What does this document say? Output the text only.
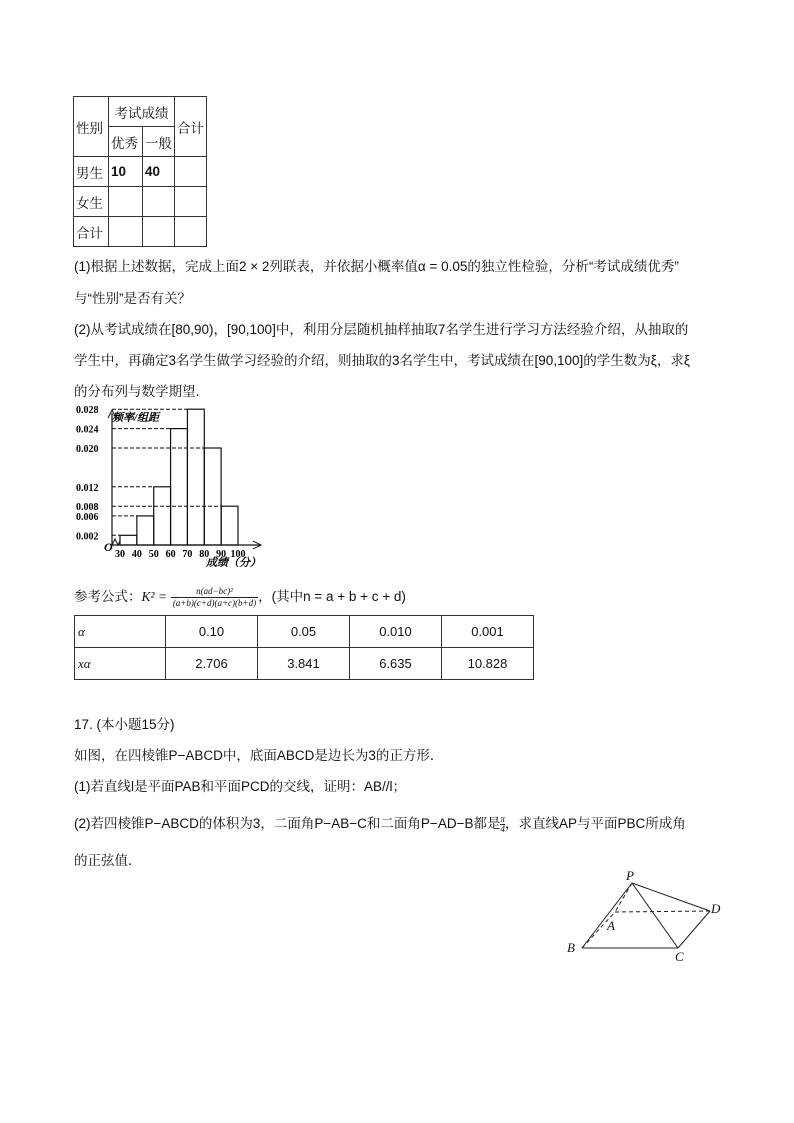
性别	考试成绩		合计
	优秀	一般	
男生	10	40	
女生			
合计			
(1)根据上述数据，完成上面2 × 2列联表，并依据小概率值α = 0.05的独立性检验，分析“考试成绩优秀”
与“性别”是否有关？
(2)从考试成绩在[80,90)，[90,100]中，利用分层随机抽样抽取7名学生进行学习方法经验介绍，从抽取的
学生中，再确定3名学生做学习经验的介绍，则抽取的3名学生中，考试成绩在[90,100]的学生数为ξ，求ξ
的分布列与数学期望．
频率/组距
成绩（分）
O
0.002
0.006
0.008
0.012
0.020
0.024
0.028
30 40 50 60 70 80 90 100
参考公式：$K^2 = \frac{\text{n(ad−bc)²}}{(a+b)(c+d)(a+c)(b+d)}$ ，(其中n = a + b + c + d)
α	0.10	0.05	0.010	0.001
xα	2.706	3.841	6.635	10.828
17. (本小题15分)
如图，在四棱锥P−ABCD中，底面ABCD是边长为3的正方形．
(1)若直线l是平面PAB和平面PCD的交线，证明：AB//l；
(2)若四棱锥P−ABCD的体积为3，二面角P−AB−C和二面角P−AD−B都是 $\frac{\pi}{4}$ ，求直线AP与平面PBC所成角
的正弦值．
P
A
B
C
D
